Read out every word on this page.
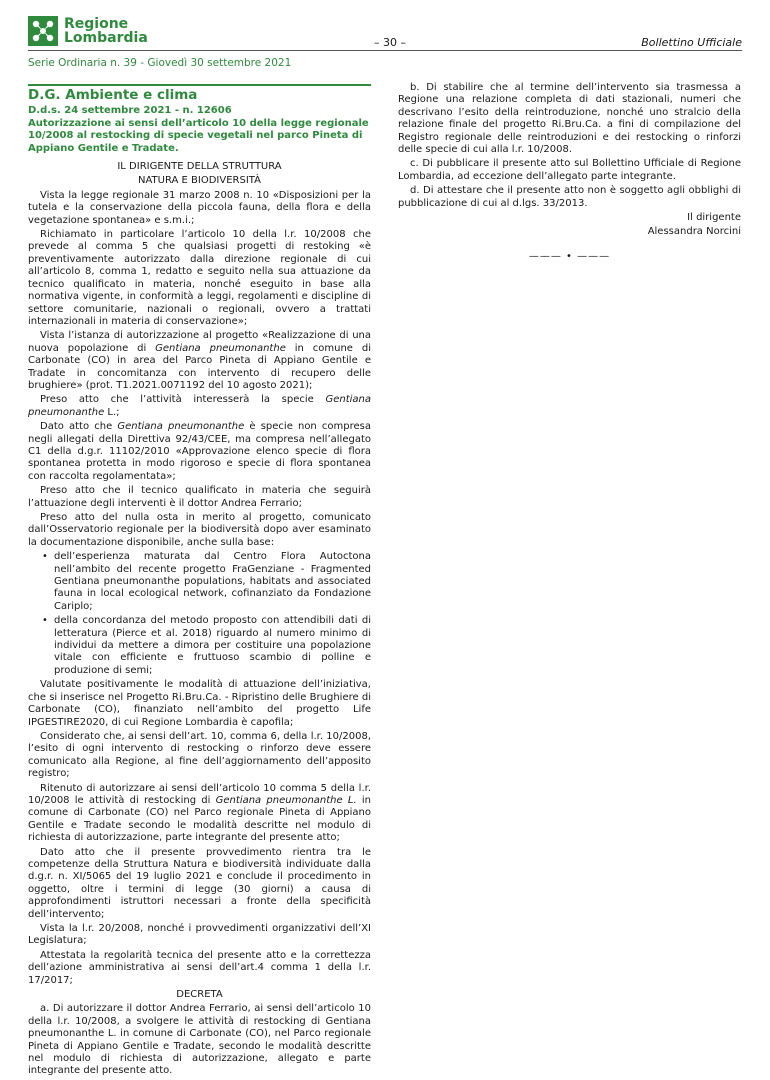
Regione
Lombardia	– 30 –	Bollettino Ufficiale
Serie Ordinaria n. 39 - Giovedì 30 settembre 2021
D.G. Ambiente e clima
D.d.s. 24 settembre 2021 - n. 12606
Autorizzazione ai sensi dell’articolo 10 della legge regionale 10/2008 al restocking di specie vegetali nel parco Pineta di Appiano Gentile e Tradate.

IL DIRIGENTE DELLA STRUTTURA

NATURA E BIODIVERSITÀ

Vista la legge regionale 31 marzo 2008 n. 10 «Disposizioni per la tutela e la conservazione della piccola fauna, della flora e della vegetazione spontanea» e s.m.i.;

Richiamato in particolare l’articolo 10 della l.r. 10/2008 che prevede al comma 5 che qualsiasi progetti di restoking «è preventivamente autorizzato dalla direzione regionale di cui all’articolo 8, comma 1, redatto e seguito nella sua attuazione da tecnico qualificato in materia, nonché eseguito in base alla normativa vigente, in conformità a leggi, regolamenti e discipline di settore comunitarie, nazionali o regionali, ovvero a trattati internazionali in materia di conservazione»;

Vista l’istanza di autorizzazione al progetto «Realizzazione di una nuova popolazione di Gentiana pneumonanthe in comune di Carbonate (CO) in area del Parco Pineta di Appiano Gentile e Tradate in concomitanza con intervento di recupero delle brughiere» (prot. T1.2021.0071192 del 10 agosto 2021);

Preso atto che l’attività interesserà la specie Gentiana pneumonanthe L.;

Dato atto che Gentiana pneumonanthe è specie non compresa negli allegati della Direttiva 92/43/CEE, ma compresa nell’allegato C1 della d.g.r. 11102/2010 «Approvazione elenco specie di flora spontanea protetta in modo rigoroso e specie di flora spontanea con raccolta regolamentata»;

Preso atto che il tecnico qualificato in materia che seguirà l’attuazione degli interventi è il dottor Andrea Ferrario;

Preso atto del nulla osta in merito al progetto, comunicato dall’Osservatorio regionale per la biodiversità dopo aver esaminato la documentazione disponibile, anche sulla base:

• dell’esperienza maturata dal Centro Flora Autoctona nell’ambito del recente progetto FraGenziane - Fragmented Gentiana pneumonanthe populations, habitats and associated fauna in local ecological network, cofinanziato da Fondazione Cariplo;
• della concordanza del metodo proposto con attendibili dati di letteratura (Pierce et al. 2018) riguardo al numero minimo di individui da mettere a dimora per costituire una popolazione vitale con efficiente e fruttuoso scambio di polline e produzione di semi;

Valutate positivamente le modalità di attuazione dell’iniziativa, che si inserisce nel Progetto Ri.Bru.Ca. - Ripristino delle Brughiere di Carbonate (CO), finanziato nell’ambito del progetto Life IPGESTIRE2020, di cui Regione Lombardia è capofila;

Considerato che, ai sensi dell’art. 10, comma 6, della l.r. 10/2008, l’esito di ogni intervento di restocking o rinforzo deve essere comunicato alla Regione, al fine dell’aggiornamento dell’apposito registro;

Ritenuto di autorizzare ai sensi dell’articolo 10 comma 5 della l.r. 10/2008 le attività di restocking di Gentiana pneumonanthe L. in comune di Carbonate (CO) nel Parco regionale Pineta di Appiano Gentile e Tradate secondo le modalità descritte nel modulo di richiesta di autorizzazione, parte integrante del presente atto;

Dato atto che il presente provvedimento rientra tra le competenze della Struttura Natura e biodiversità individuate dalla d.g.r. n. XI/5065 del 19 luglio 2021 e conclude il procedimento in oggetto, oltre i termini di legge (30 giorni) a causa di approfondimenti istruttori necessari a fronte della specificità dell’intervento;

Vista la l.r. 20/2008, nonché i provvedimenti organizzativi dell’XI Legislatura;

Attestata la regolarità tecnica del presente atto e la correttezza dell’azione amministrativa ai sensi dell’art.4 comma 1 della l.r. 17/2017;

DECRETA

a. Di autorizzare il dottor Andrea Ferrario, ai sensi dell’articolo 10 della l.r. 10/2008, a svolgere le attività di restocking di Gentiana pneumonanthe L. in comune di Carbonate (CO), nel Parco regionale Pineta di Appiano Gentile e Tradate, secondo le modalità descritte nel modulo di richiesta di autorizzazione, allegato e parte integrante del presente atto.

b. Di stabilire che al termine dell’intervento sia trasmessa a Regione una relazione completa di dati stazionali, numeri che descrivano l’esito della reintroduzione, nonché uno stralcio della relazione finale del progetto Ri.Bru.Ca. a fini di compilazione del Registro regionale delle reintroduzioni e dei restocking o rinforzi delle specie di cui alla l.r. 10/2008.

c. Di pubblicare il presente atto sul Bollettino Ufficiale di Regione Lombardia, ad eccezione dell’allegato parte integrante.

d. Di attestare che il presente atto non è soggetto agli obblighi di pubblicazione di cui al d.lgs. 33/2013.

Il dirigente

Alessandra Norcini

——— • ———
